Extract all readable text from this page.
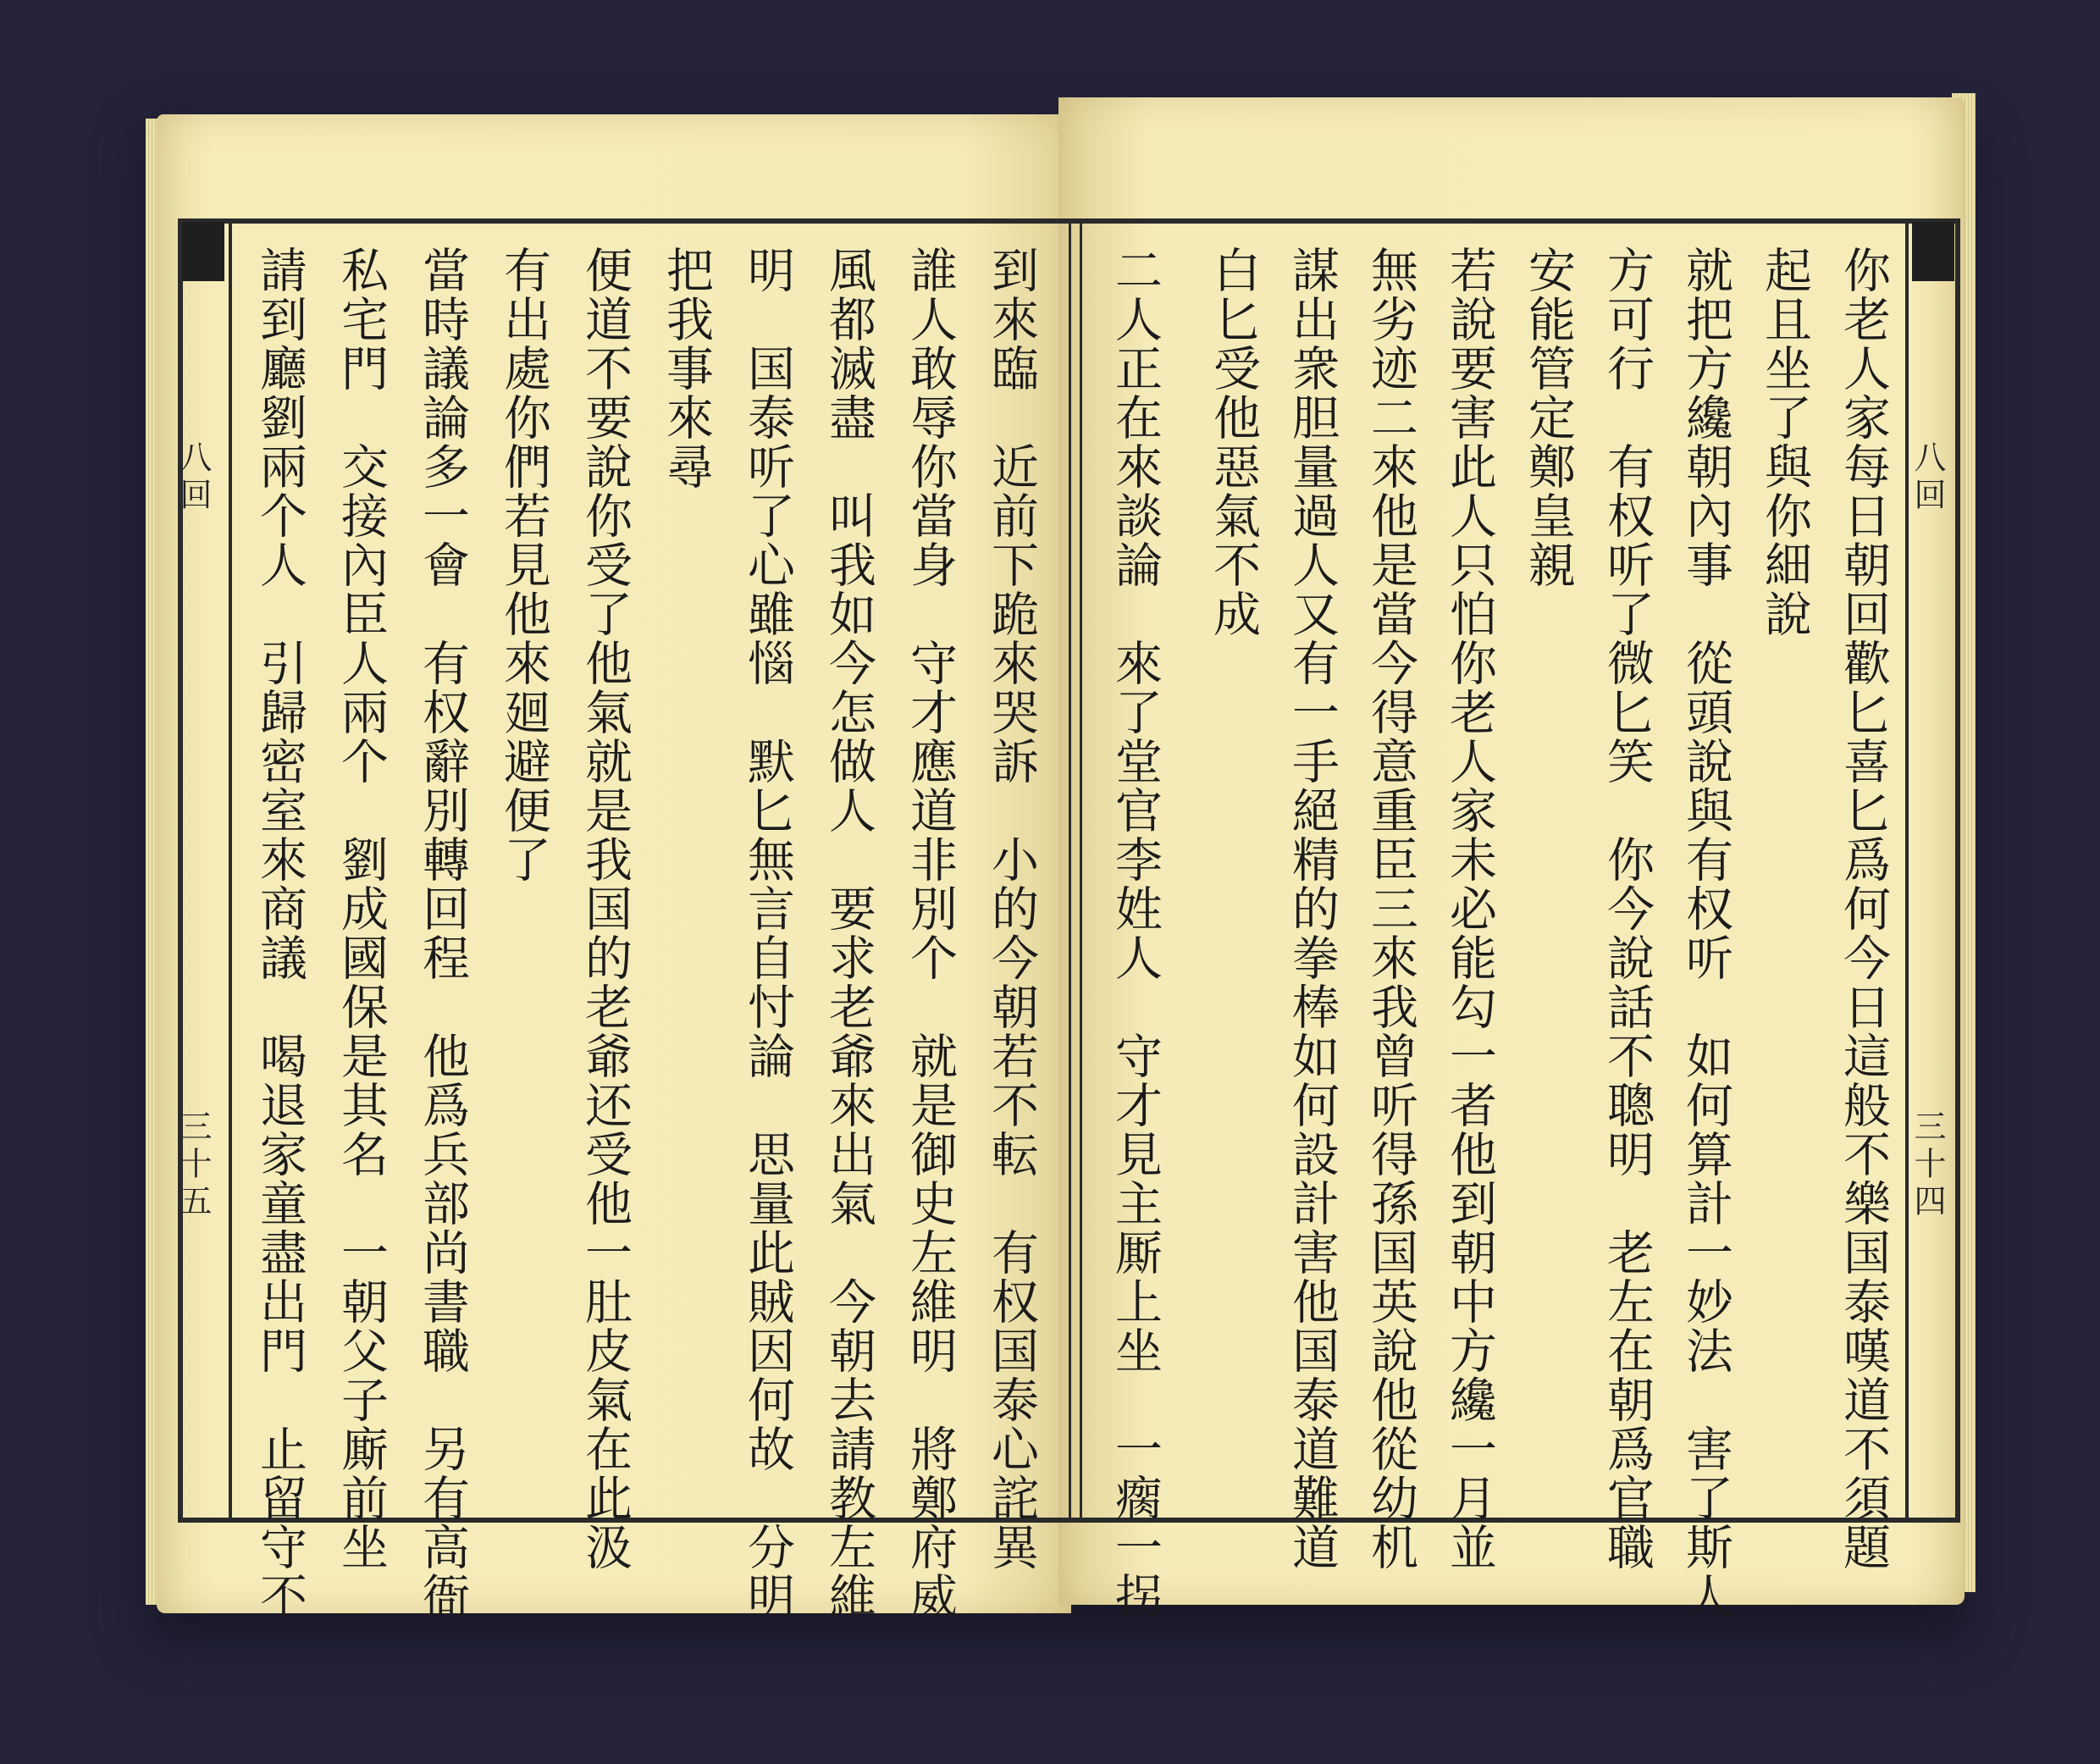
八回
三十五
八回
三十四
到來臨　近前下跪來哭訴　小的今朝若不転　有权国泰心詫異
誰人敢辱你當身　守才應道非別个　就是御史左維明　將鄭府威
風都滅盡　叫我如今怎做人　要求老爺來出氣　今朝去請教左維
明　国泰听了心雖惱　默匕無言自忖論　思量此賊因何故　分明
把我事來尋
便道不要說你受了他氣就是我国的老爺还受他一肚皮氣在此汲
有出處你們若見他來廻避便了
當時議論多一會　有权辭別轉回程　他爲兵部尚書職　另有高衙
私宅門　交接內臣人兩个　劉成國保是其名　一朝父子廝前坐
請到廳劉兩个人　引歸密室來商議　喝退家童盡出門　止留守不	你老人家每日朝回歡匕喜匕爲何今日這般不樂国泰嘆道不須題
起且坐了與你細說
就把方纔朝內事　從頭說與有权听　如何算計一妙法　害了斯人
方可行　有权听了微匕笑　你今說話不聰明　老左在朝爲官職
安能管定鄭皇親
若說要害此人只怕你老人家未必能勾一者他到朝中方纔一月並
無劣迹二來他是當今得意重臣三來我曾听得孫国英說他從幼机
謀出衆胆量過人又有一手絕精的拳棒如何設計害他国泰道難道
白匕受他惡氣不成
二人正在來談論　來了堂官李姓人　守才見主厮上坐　一瘸一拐
